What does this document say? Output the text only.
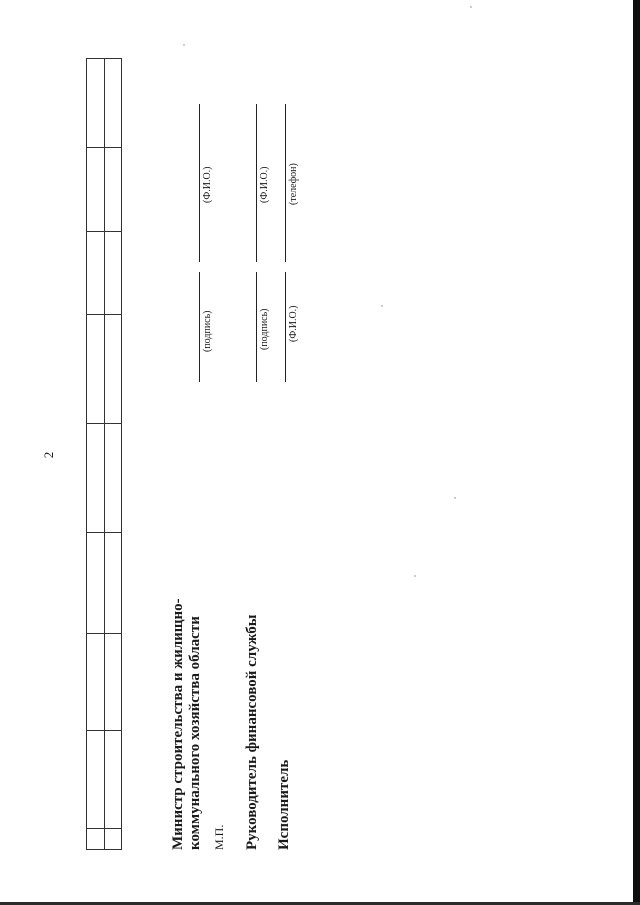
2
Министр строительства и жилищно- коммунального хозяйства области М.П.
(подпись)
(Ф.И.О.)
Руководитель финансовой службы
(подпись)
(Ф.И.О.)
Исполнитель
(Ф.И.О.)
(телефон)
